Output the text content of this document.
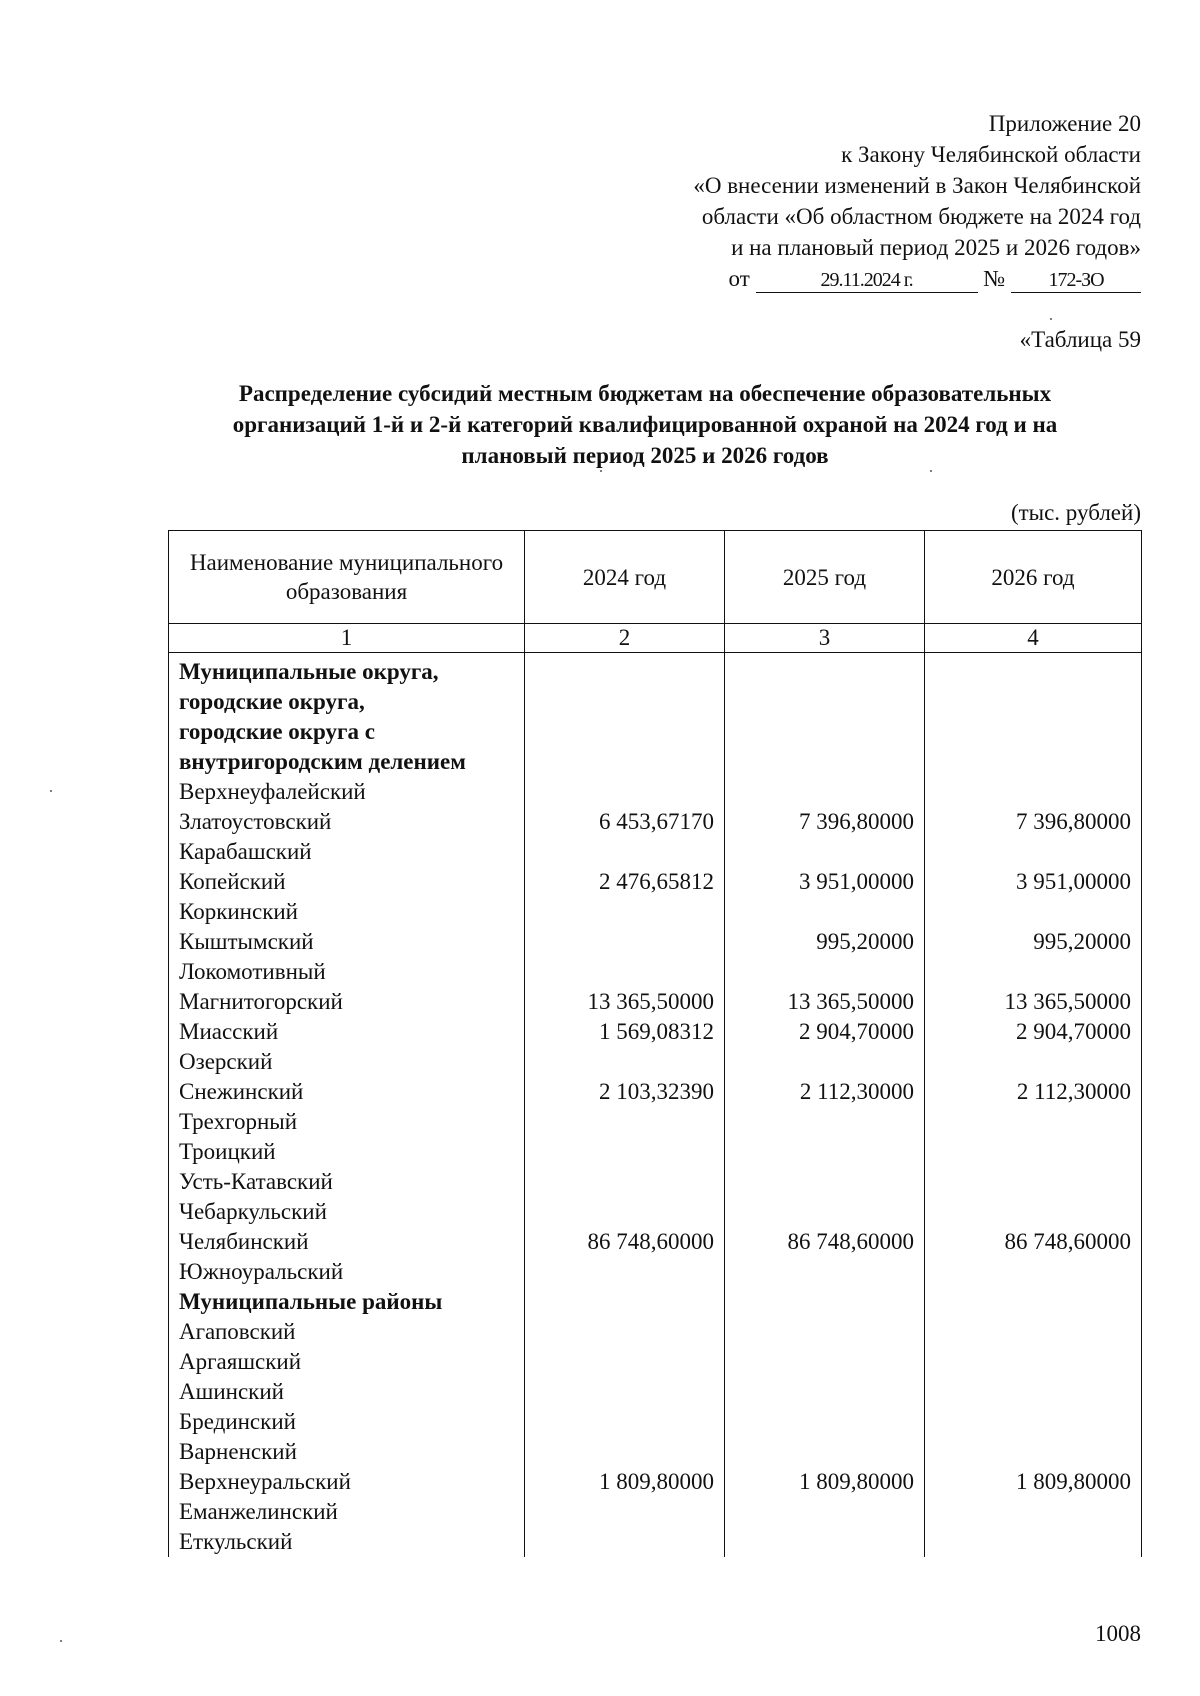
Приложение 20
к Закону Челябинской области
«О внесении изменений в Закон Челябинской
области «Об областном бюджете на 2024 год
и на плановый период 2025 и 2026 годов»
от	29.11.2024 г.	№ 172-ЗО
«Таблица 59
Распределение субсидий местным бюджетам на обеспечение образовательных
организаций 1-й и 2-й категорий квалифицированной охраной на 2024 год и на
плановый период 2025 и 2026 годов
(тыс. рублей)
Наименование муниципального образования	2024 год	2025 год	2026 год
1	2	3	4
Муниципальные округа,			
городские округа,			
городские округа с			
внутригородским делением			
Верхнеуфалейский			
Златоустовский	6 453,67170	7 396,80000	7 396,80000
Карабашский			
Копейский	2 476,65812	3 951,00000	3 951,00000
Коркинский			
Кыштымский		995,20000	995,20000
Локомотивный			
Магнитогорский	13 365,50000	13 365,50000	13 365,50000
Миасский	1 569,08312	2 904,70000	2 904,70000
Озерский			
Снежинский	2 103,32390	2 112,30000	2 112,30000
Трехгорный			
Троицкий			
Усть-Катавский			
Чебаркульский			
Челябинский	86 748,60000	86 748,60000	86 748,60000
Южноуральский			
Муниципальные районы			
Агаповский			
Аргаяшский			
Ашинский			
Брединский			
Варненский			
Верхнеуральский	1 809,80000	1 809,80000	1 809,80000
Еманжелинский			
Еткульский			
1008
